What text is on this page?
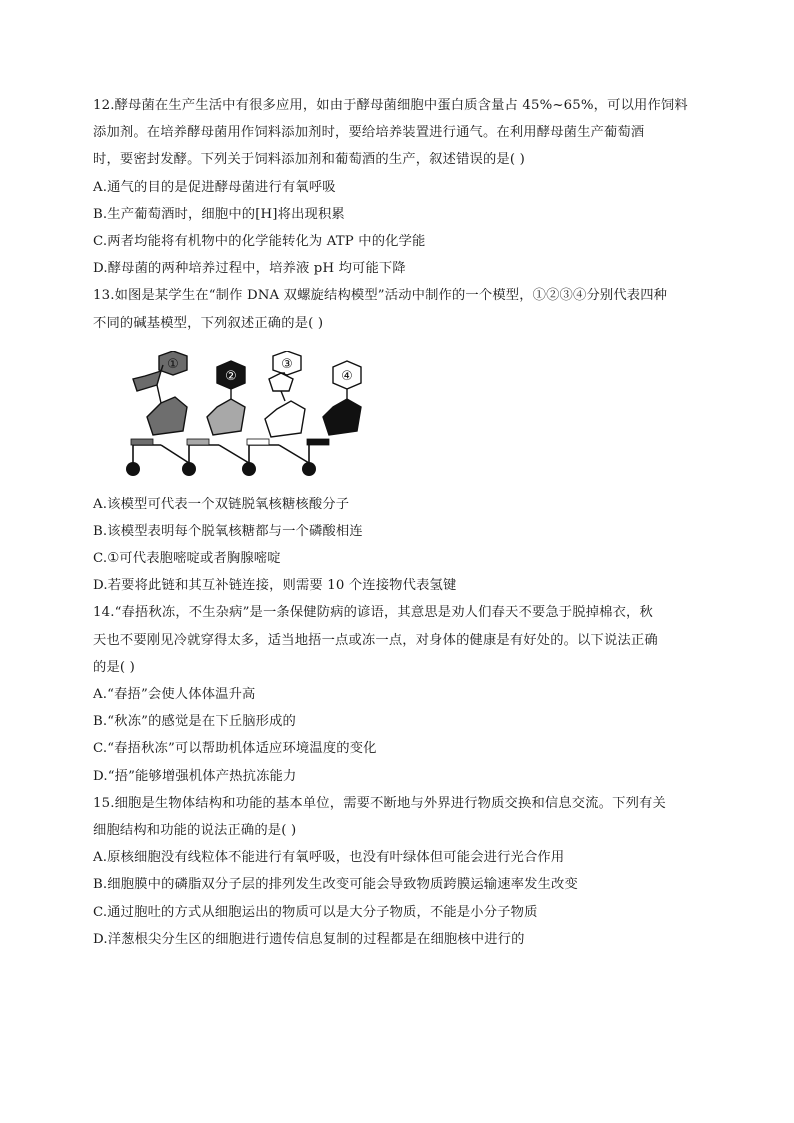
12.酵母菌在生产生活中有很多应用，如由于酵母菌细胞中蛋白质含量占 45%~65%，可以用作饲料
添加剂。在培养酵母菌用作饲料添加剂时，要给培养装置进行通气。在利用酵母菌生产葡萄酒
时，要密封发酵。下列关于饲料添加剂和葡萄酒的生产，叙述错误的是( )
A.通气的目的是促进酵母菌进行有氧呼吸
B.生产葡萄酒时，细胞中的[H]将出现积累
C.两者均能将有机物中的化学能转化为 ATP 中的化学能
D.酵母菌的两种培养过程中，培养液 pH 均可能下降
13.如图是某学生在“制作 DNA 双螺旋结构模型”活动中制作的一个模型，①②③④分别代表四种
不同的碱基模型，下列叙述正确的是( )
①
②
③
④
A.该模型可代表一个双链脱氧核糖核酸分子
B.该模型表明每个脱氧核糖都与一个磷酸相连
C.①可代表胞嘧啶或者胸腺嘧啶
D.若要将此链和其互补链连接，则需要 10 个连接物代表氢键
14.“春捂秋冻，不生杂病”是一条保健防病的谚语，其意思是劝人们春天不要急于脱掉棉衣，秋
天也不要刚见冷就穿得太多，适当地捂一点或冻一点，对身体的健康是有好处的。以下说法正确
的是( )
A.“春捂”会使人体体温升高
B.“秋冻”的感觉是在下丘脑形成的
C.“春捂秋冻”可以帮助机体适应环境温度的变化
D.“捂”能够增强机体产热抗冻能力
15.细胞是生物体结构和功能的基本单位，需要不断地与外界进行物质交换和信息交流。下列有关
细胞结构和功能的说法正确的是( )
A.原核细胞没有线粒体不能进行有氧呼吸，也没有叶绿体但可能会进行光合作用
B.细胞膜中的磷脂双分子层的排列发生改变可能会导致物质跨膜运输速率发生改变
C.通过胞吐的方式从细胞运出的物质可以是大分子物质，不能是小分子物质
D.洋葱根尖分生区的细胞进行遗传信息复制的过程都是在细胞核中进行的
